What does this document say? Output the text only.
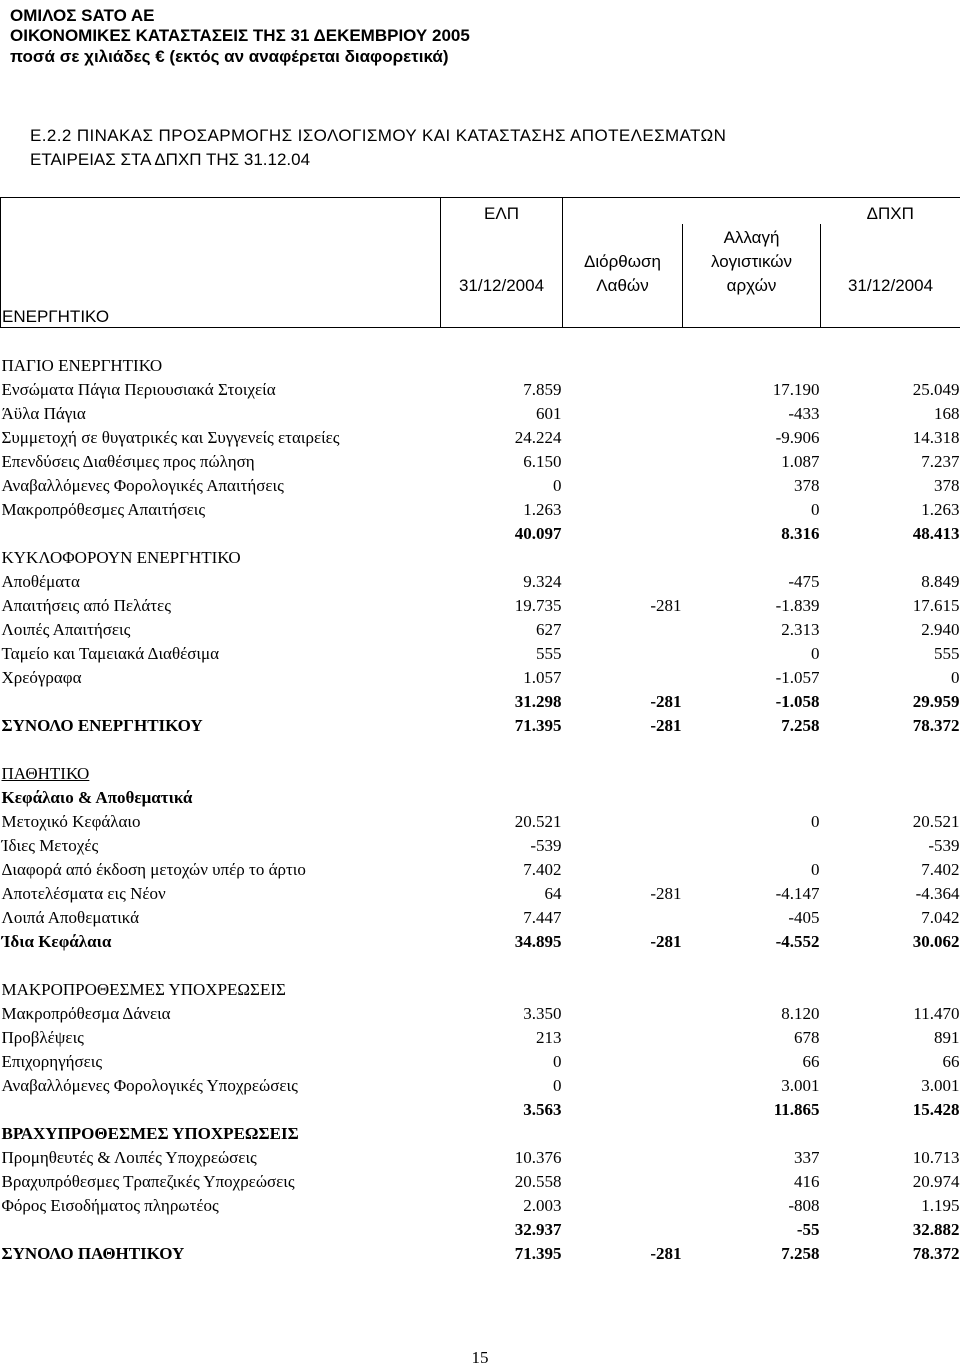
ΟΜΙΛΟΣ SATO AE
ΟΙΚΟΝΟΜΙΚΕΣ ΚΑΤΑΣΤΑΣΕΙΣ ΤΗΣ 31 ΔΕΚΕΜΒΡΙΟΥ 2005
ποσά σε χιλιάδες € (εκτός αν αναφέρεται διαφορετικά)
E.2.2 ΠΙΝΑΚΑΣ ΠΡΟΣΑΡΜΟΓΗΣ ΙΣΟΛΟΓΙΣΜΟΥ ΚΑΙ ΚΑΤΑΣΤΑΣΗΣ ΑΠΟΤΕΛΕΣΜΑΤΩΝ
ΕΤΑΙΡΕΙΑΣ ΣΤΑ ΔΠΧΠ ΤΗΣ 31.12.04
	ΕΛΠ			ΔΠΧΠ
			Αλλαγή	
		Διόρθωση	λογιστικών	
	31/12/2004	Λαθών	αρχών	31/12/2004
ΕΝΕΡΓΗΤΙΚΟ				

ΠΑΓΙΟ ΕΝΕΡΓΗΤΙΚΟ				
Ενσώματα Πάγια Περιουσιακά Στοιχεία	7.859		17.190	25.049
Άϋλα Πάγια	601		-433	168
Συμμετοχή σε θυγατρικές και Συγγενείς εταιρείες	24.224		-9.906	14.318
Επενδύσεις Διαθέσιμες προς πώληση	6.150		1.087	7.237
Αναβαλλόμενες Φορολογικές Απαιτήσεις	0		378	378
Μακροπρόθεσμες Απαιτήσεις	1.263		0	1.263
	40.097		8.316	48.413
ΚΥΚΛΟΦΟΡΟΥΝ ΕΝΕΡΓΗΤΙΚΟ				
Αποθέματα	9.324		-475	8.849
Απαιτήσεις από Πελάτες	19.735	-281	-1.839	17.615
Λοιπές Απαιτήσεις	627		2.313	2.940
Ταμείο και Ταμειακά Διαθέσιμα	555		0	555
Χρεόγραφα	1.057		-1.057	0
	31.298	-281	-1.058	29.959
ΣΥΝΟΛΟ ΕΝΕΡΓΗΤΙΚΟΥ	71.395	-281	7.258	78.372

ΠΑΘΗΤΙΚΟ				
Κεφάλαιο & Αποθεματικά				
Μετοχικό Κεφάλαιο	20.521		0	20.521
Ίδιες Μετοχές	-539			-539
Διαφορά από έκδοση μετοχών υπέρ το άρτιο	7.402		0	7.402
Αποτελέσματα εις Νέον	64	-281	-4.147	-4.364
Λοιπά Αποθεματικά	7.447		-405	7.042
Ίδια Κεφάλαια	34.895	-281	-4.552	30.062

ΜΑΚΡΟΠΡΟΘΕΣΜΕΣ ΥΠΟΧΡΕΩΣΕΙΣ				
Μακροπρόθεσμα Δάνεια	3.350		8.120	11.470
Προβλέψεις	213		678	891
Επιχορηγήσεις	0		66	66
Αναβαλλόμενες Φορολογικές Υποχρεώσεις	0		3.001	3.001
	3.563		11.865	15.428
ΒΡΑΧΥΠΡΟΘΕΣΜΕΣ ΥΠΟΧΡΕΩΣΕΙΣ				
Προμηθευτές & Λοιπές Υποχρεώσεις	10.376		337	10.713
Βραχυπρόθεσμες Τραπεζικές Υποχρεώσεις	20.558		416	20.974
Φόρος Εισοδήματος πληρωτέος	2.003		-808	1.195
	32.937		-55	32.882
ΣΥΝΟΛΟ ΠΑΘΗΤΙΚΟΥ	71.395	-281	7.258	78.372
15
